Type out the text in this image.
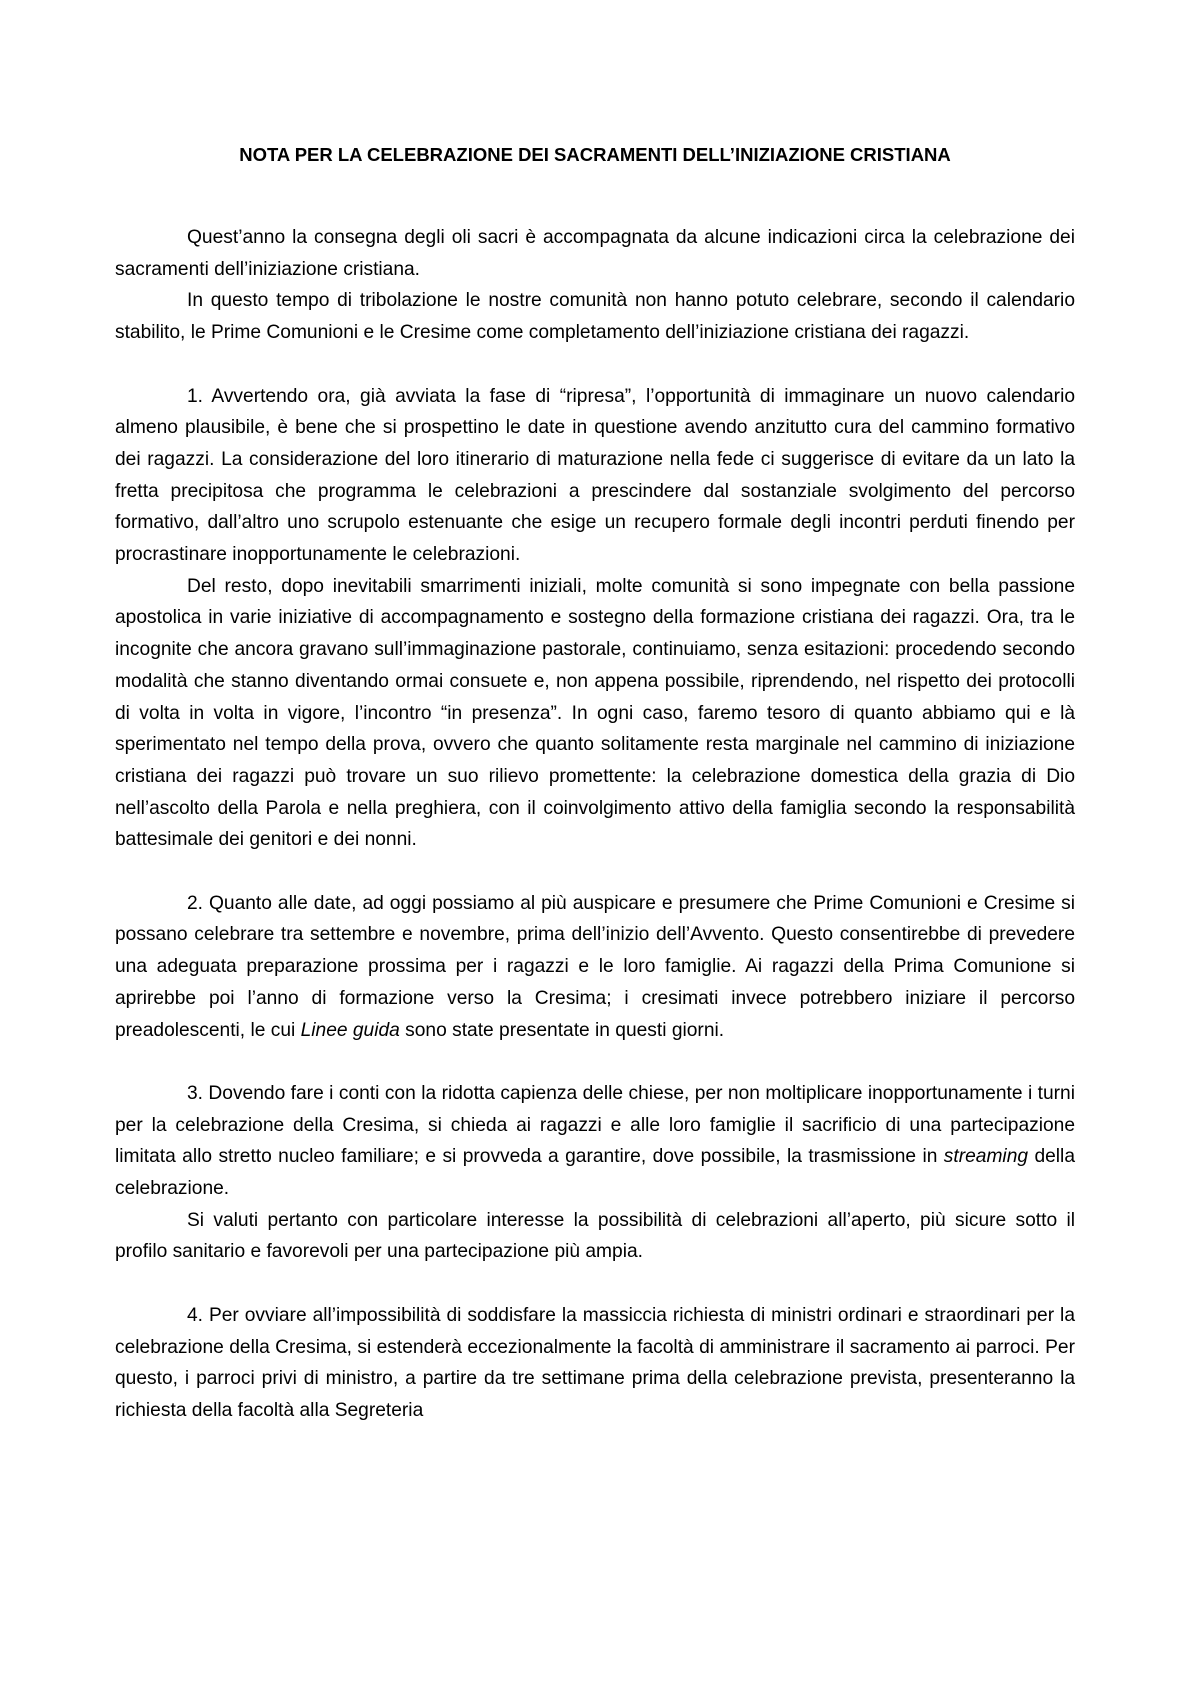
NOTA PER LA CELEBRAZIONE DEI SACRAMENTI DELL’INIZIAZIONE CRISTIANA

Quest’anno la consegna degli oli sacri è accompagnata da alcune indicazioni circa la celebrazione dei sacramenti dell’iniziazione cristiana.

In questo tempo di tribolazione le nostre comunità non hanno potuto celebrare, secondo il calendario stabilito, le Prime Comunioni e le Cresime come completamento dell’iniziazione cristiana dei ragazzi.

1. Avvertendo ora, già avviata la fase di “ripresa”, l’opportunità di immaginare un nuovo calendario almeno plausibile, è bene che si prospettino le date in questione avendo anzitutto cura del cammino formativo dei ragazzi. La considerazione del loro itinerario di maturazione nella fede ci suggerisce di evitare da un lato la fretta precipitosa che programma le celebrazioni a prescindere dal sostanziale svolgimento del percorso formativo, dall’altro uno scrupolo estenuante che esige un recupero formale degli incontri perduti finendo per procrastinare inopportunamente le celebrazioni.

Del resto, dopo inevitabili smarrimenti iniziali, molte comunità si sono impegnate con bella passione apostolica in varie iniziative di accompagnamento e sostegno della formazione cristiana dei ragazzi. Ora, tra le incognite che ancora gravano sull’immaginazione pastorale, continuiamo, senza esitazioni: procedendo secondo modalità che stanno diventando ormai consuete e, non appena possibile, riprendendo, nel rispetto dei protocolli di volta in volta in vigore, l’incontro “in presenza”. In ogni caso, faremo tesoro di quanto abbiamo qui e là sperimentato nel tempo della prova, ovvero che quanto solitamente resta marginale nel cammino di iniziazione cristiana dei ragazzi può trovare un suo rilievo promettente: la celebrazione domestica della grazia di Dio nell’ascolto della Parola e nella preghiera, con il coinvolgimento attivo della famiglia secondo la responsabilità battesimale dei genitori e dei nonni.

2. Quanto alle date, ad oggi possiamo al più auspicare e presumere che Prime Comunioni e Cresime si possano celebrare tra settembre e novembre, prima dell’inizio dell’Avvento. Questo consentirebbe di prevedere una adeguata preparazione prossima per i ragazzi e le loro famiglie. Ai ragazzi della Prima Comunione si aprirebbe poi l’anno di formazione verso la Cresima; i cresimati invece potrebbero iniziare il percorso preadolescenti, le cui Linee guida sono state presentate in questi giorni.

3. Dovendo fare i conti con la ridotta capienza delle chiese, per non moltiplicare inopportunamente i turni per la celebrazione della Cresima, si chieda ai ragazzi e alle loro famiglie il sacrificio di una partecipazione limitata allo stretto nucleo familiare; e si provveda a garantire, dove possibile, la trasmissione in streaming della celebrazione.

Si valuti pertanto con particolare interesse la possibilità di celebrazioni all’aperto, più sicure sotto il profilo sanitario e favorevoli per una partecipazione più ampia.

4. Per ovviare all’impossibilità di soddisfare la massiccia richiesta di ministri ordinari e straordinari per la celebrazione della Cresima, si estenderà eccezionalmente la facoltà di amministrare il sacramento ai parroci. Per questo, i parroci privi di ministro, a partire da tre settimane prima della celebrazione prevista, presenteranno la richiesta della facoltà alla Segreteria
